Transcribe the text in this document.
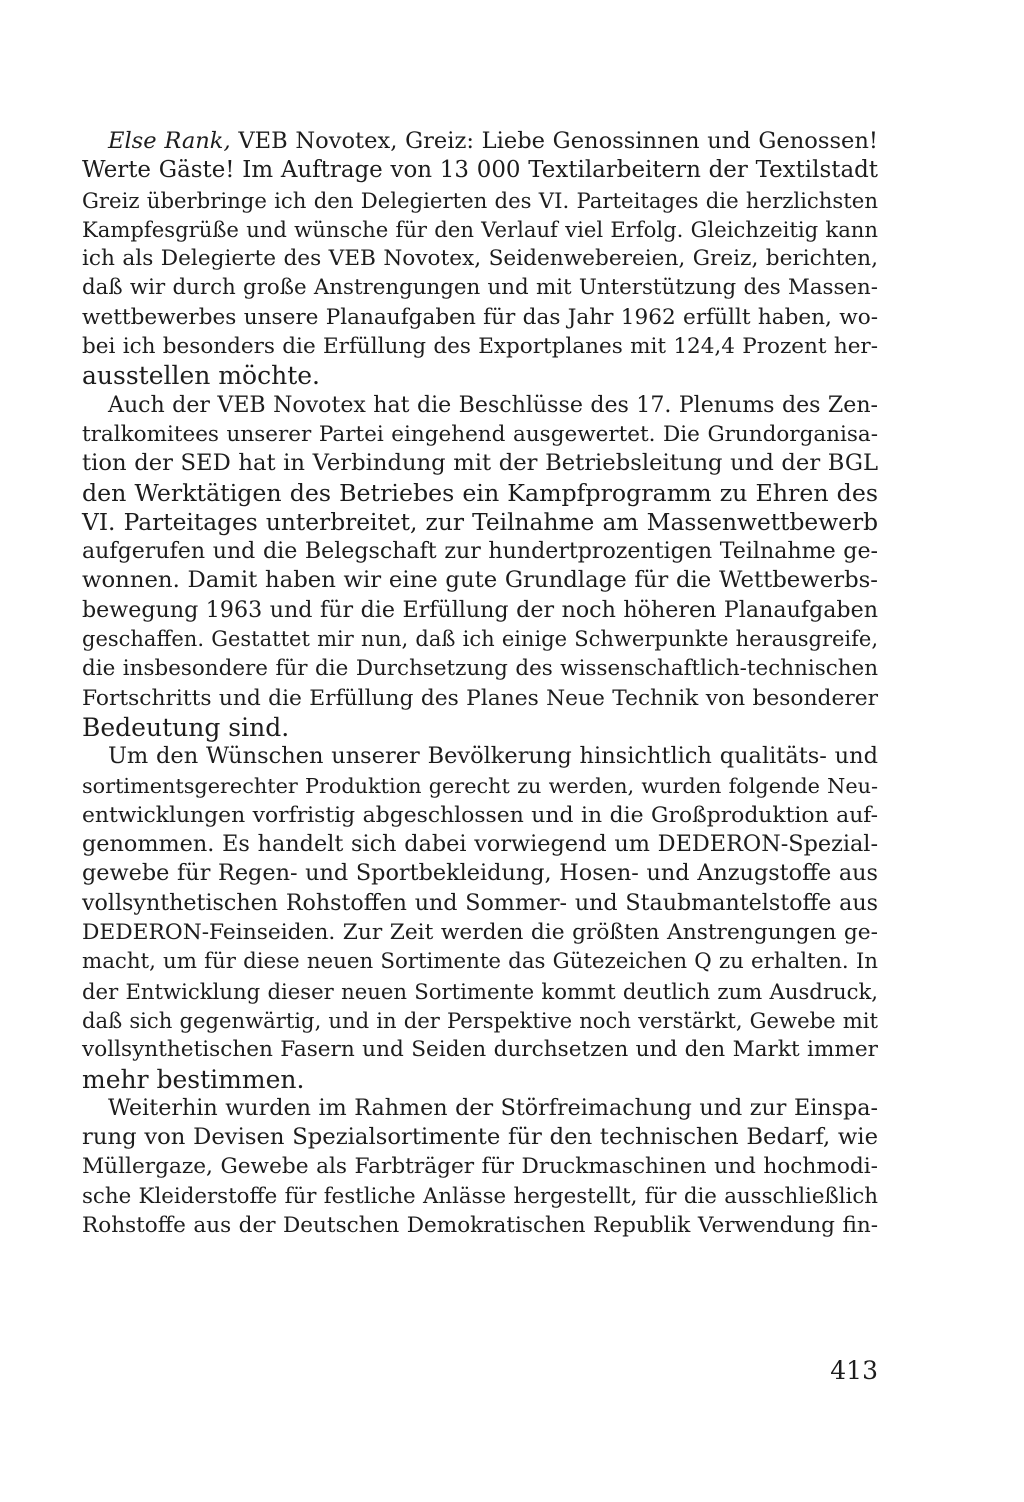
Else Rank, VEB Novotex, Greiz: Liebe Genossinnen und Genossen!
Werte Gäste! Im Auftrage von 13 000 Textilarbeitern der Textilstadt
Greiz überbringe ich den Delegierten des VI. Parteitages die herzlichsten
Kampfesgrüße und wünsche für den Verlauf viel Erfolg. Gleichzeitig kann
ich als Delegierte des VEB Novotex, Seidenwebereien, Greiz, berichten,
daß wir durch große Anstrengungen und mit Unterstützung des Massen-
wettbewerbes unsere Planaufgaben für das Jahr 1962 erfüllt haben, wo-
bei ich besonders die Erfüllung des Exportplanes mit 124,4 Prozent her-
ausstellen möchte.
Auch der VEB Novotex hat die Beschlüsse des 17. Plenums des Zen-
tralkomitees unserer Partei eingehend ausgewertet. Die Grundorganisa-
tion der SED hat in Verbindung mit der Betriebsleitung und der BGL
den Werktätigen des Betriebes ein Kampfprogramm zu Ehren des
VI. Parteitages unterbreitet, zur Teilnahme am Massenwettbewerb
aufgerufen und die Belegschaft zur hundertprozentigen Teilnahme ge-
wonnen. Damit haben wir eine gute Grundlage für die Wettbewerbs-
bewegung 1963 und für die Erfüllung der noch höheren Planaufgaben
geschaffen. Gestattet mir nun, daß ich einige Schwerpunkte herausgreife,
die insbesondere für die Durchsetzung des wissenschaftlich-technischen
Fortschritts und die Erfüllung des Planes Neue Technik von besonderer
Bedeutung sind.
Um den Wünschen unserer Bevölkerung hinsichtlich qualitäts- und
sortimentsgerechter Produktion gerecht zu werden, wurden folgende Neu-
entwicklungen vorfristig abgeschlossen und in die Großproduktion auf-
genommen. Es handelt sich dabei vorwiegend um DEDERON-Spezial-
gewebe für Regen- und Sportbekleidung, Hosen- und Anzugstoffe aus
vollsynthetischen Rohstoffen und Sommer- und Staubmantelstoffe aus
DEDERON-Feinseiden. Zur Zeit werden die größten Anstrengungen ge-
macht, um für diese neuen Sortimente das Gütezeichen Q zu erhalten. In
der Entwicklung dieser neuen Sortimente kommt deutlich zum Ausdruck,
daß sich gegenwärtig, und in der Perspektive noch verstärkt, Gewebe mit
vollsynthetischen Fasern und Seiden durchsetzen und den Markt immer
mehr bestimmen.
Weiterhin wurden im Rahmen der Störfreimachung und zur Einspa-
rung von Devisen Spezialsortimente für den technischen Bedarf, wie
Müllergaze, Gewebe als Farbträger für Druckmaschinen und hochmodi-
sche Kleiderstoffe für festliche Anlässe hergestellt, für die ausschließlich
Rohstoffe aus der Deutschen Demokratischen Republik Verwendung fin-
413
